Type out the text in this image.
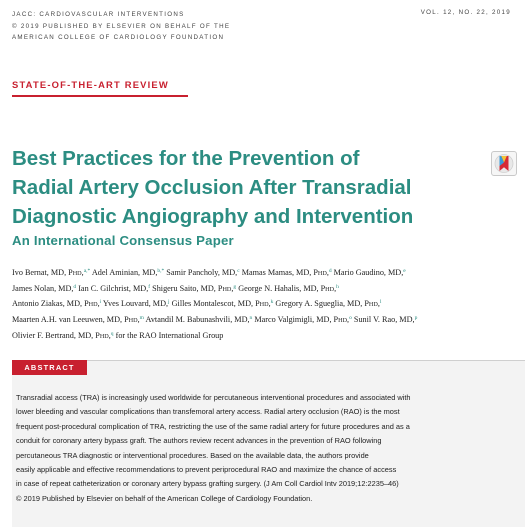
JACC: CARDIOVASCULAR INTERVENTIONS
© 2019 PUBLISHED BY ELSEVIER ON BEHALF OF THE
AMERICAN COLLEGE OF CARDIOLOGY FOUNDATION
VOL. 12, NO. 22, 2019
STATE-OF-THE-ART REVIEW
Best Practices for the Prevention of
Radial Artery Occlusion After Transradial
Diagnostic Angiography and Intervention
An International Consensus Paper
Ivo Bernat, MD, PHD,$^{a,*}$ Adel Aminian, MD,$^{b,*}$ Samir Pancholy, MD,$^c$ Mamas Mamas, MD, PHD,$^d$ Mario Gaudino, MD,$^e$
James Nolan, MD,$^d$ Ian C. Gilchrist, MD,$^f$ Shigeru Saito, MD, PHD,$^g$ George N. Hahalis, MD, PHD,$^h$
Antonio Ziakas, MD, PHD,$^i$ Yves Louvard, MD,$^j$ Gilles Montalescot, MD, PHD,$^k$ Gregory A. Sgueglia, MD, PHD,$^l$
Maarten A.H. van Leeuwen, MD, PHD,$^m$ Avtandil M. Babunashvili, MD,$^n$ Marco Valgimigli, MD, PHD,$^o$ Sunil V. Rao, MD,$^p$
Olivier F. Bertrand, MD, PHD,$^q$ for the RAO International Group
ABSTRACT
Transradial access (TRA) is increasingly used worldwide for percutaneous interventional procedures and associated with
lower bleeding and vascular complications than transfemoral artery access. Radial artery occlusion (RAO) is the most
frequent post-procedural complication of TRA, restricting the use of the same radial artery for future procedures and as a
conduit for coronary artery bypass graft. The authors review recent advances in the prevention of RAO following
percutaneous TRA diagnostic or interventional procedures. Based on the available data, the authors provide
easily applicable and effective recommendations to prevent periprocedural RAO and maximize the chance of access
in case of repeat catheterization or coronary artery bypass grafting surgery. (J Am Coll Cardiol Intv 2019;12:2235–46)
© 2019 Published by Elsevier on behalf of the American College of Cardiology Foundation.
